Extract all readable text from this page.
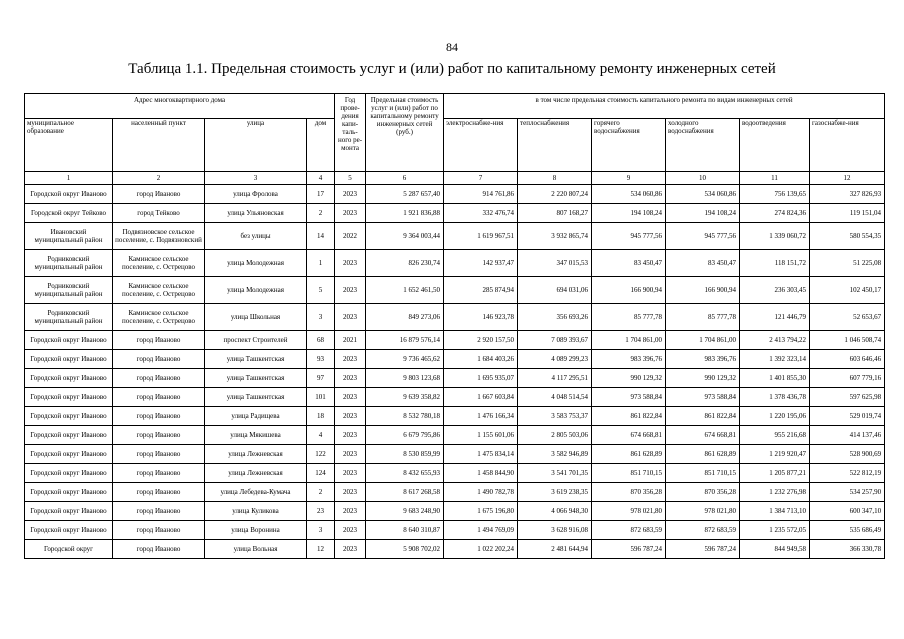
84
Таблица 1.1. Предельная стоимость услуг и (или) работ по капитальному ремонту инженерных сетей
Адрес многоквартирного дома				Год прове-дения капи-таль-ного ре-монта	Предельная стоимость услуг и (или) работ по капитальному ремонту инженерных сетей (руб.)	в том числе предельная стоимость капитального ремонта по видам инженерных сетей					
муниципальное образование	населенный пункт	улица	дом			электроснабже-ния	теплоснабжения	горячего водоснабжения	холодного водоснабжения	водоотведения	газоснабже-ния
1	2	3	4	5	6	7	8	9	10	11	12
Городской округ Иваново	город Иваново	улица Фролова	17	2023	5 287 657,40	914 761,86	2 220 807,24	534 060,86	534 060,86	756 139,65	327 826,93
Городской округ Тейково	город Тейково	улица Ульяновская	2	2023	1 921 836,88	332 476,74	807 168,27	194 108,24	194 108,24	274 824,36	119 151,04
Ивановский муниципальный район	Подвязновское сельское поселение, с. Подвязновский	без улицы	14	2022	9 364 003,44	1 619 967,51	3 932 865,74	945 777,56	945 777,56	1 339 060,72	580 554,35
Родниковский муниципальный район	Каминское сельское поселение, с. Острецово	улица Молодежная	1	2023	826 230,74	142 937,47	347 015,53	83 450,47	83 450,47	118 151,72	51 225,08
Родниковский муниципальный район	Каминское сельское поселение, с. Острецово	улица Молодежная	5	2023	1 652 461,50	285 874,94	694 031,06	166 900,94	166 900,94	236 303,45	102 450,17
Родниковский муниципальный район	Каминское сельское поселение, с. Острецово	улица Школьная	3	2023	849 273,06	146 923,78	356 693,26	85 777,78	85 777,78	121 446,79	52 653,67
Городской округ Иваново	город Иваново	проспект Строителей	68	2021	16 879 576,14	2 920 157,50	7 089 393,67	1 704 861,00	1 704 861,00	2 413 794,22	1 046 508,74
Городской округ Иваново	город Иваново	улица Ташкентская	93	2023	9 736 465,62	1 684 403,26	4 089 299,23	983 396,76	983 396,76	1 392 323,14	603 646,46
Городской округ Иваново	город Иваново	улица Ташкентская	97	2023	9 803 123,68	1 695 935,07	4 117 295,51	990 129,32	990 129,32	1 401 855,30	607 779,16
Городской округ Иваново	город Иваново	улица Ташкентская	101	2023	9 639 358,82	1 667 603,84	4 048 514,54	973 588,84	973 588,84	1 378 436,78	597 625,98
Городской округ Иваново	город Иваново	улица Радищева	18	2023	8 532 780,18	1 476 166,34	3 583 753,37	861 822,84	861 822,84	1 220 195,06	529 019,74
Городской округ Иваново	город Иваново	улица Мякишева	4	2023	6 679 795,86	1 155 601,06	2 805 503,06	674 668,81	674 668,81	955 216,68	414 137,46
Городской округ Иваново	город Иваново	улица Лежневская	122	2023	8 530 859,99	1 475 834,14	3 582 946,89	861 628,89	861 628,89	1 219 920,47	528 900,69
Городской округ Иваново	город Иваново	улица Лежневская	124	2023	8 432 655,93	1 458 844,90	3 541 701,35	851 710,15	851 710,15	1 205 877,21	522 812,19
Городской округ Иваново	город Иваново	улица Лебедева-Кумача	2	2023	8 617 268,58	1 490 782,78	3 619 238,35	870 356,28	870 356,28	1 232 276,98	534 257,90
Городской округ Иваново	город Иваново	улица Куликова	23	2023	9 683 248,90	1 675 196,80	4 066 948,30	978 021,80	978 021,80	1 384 713,10	600 347,10
Городской округ Иваново	город Иваново	улица Воронина	3	2023	8 640 310,87	1 494 769,09	3 628 916,08	872 683,59	872 683,59	1 235 572,05	535 686,49
Городской округ	город Иваново	улица Вольная	12	2023	5 908 702,02	1 022 202,24	2 481 644,94	596 787,24	596 787,24	844 949,58	366 330,78
